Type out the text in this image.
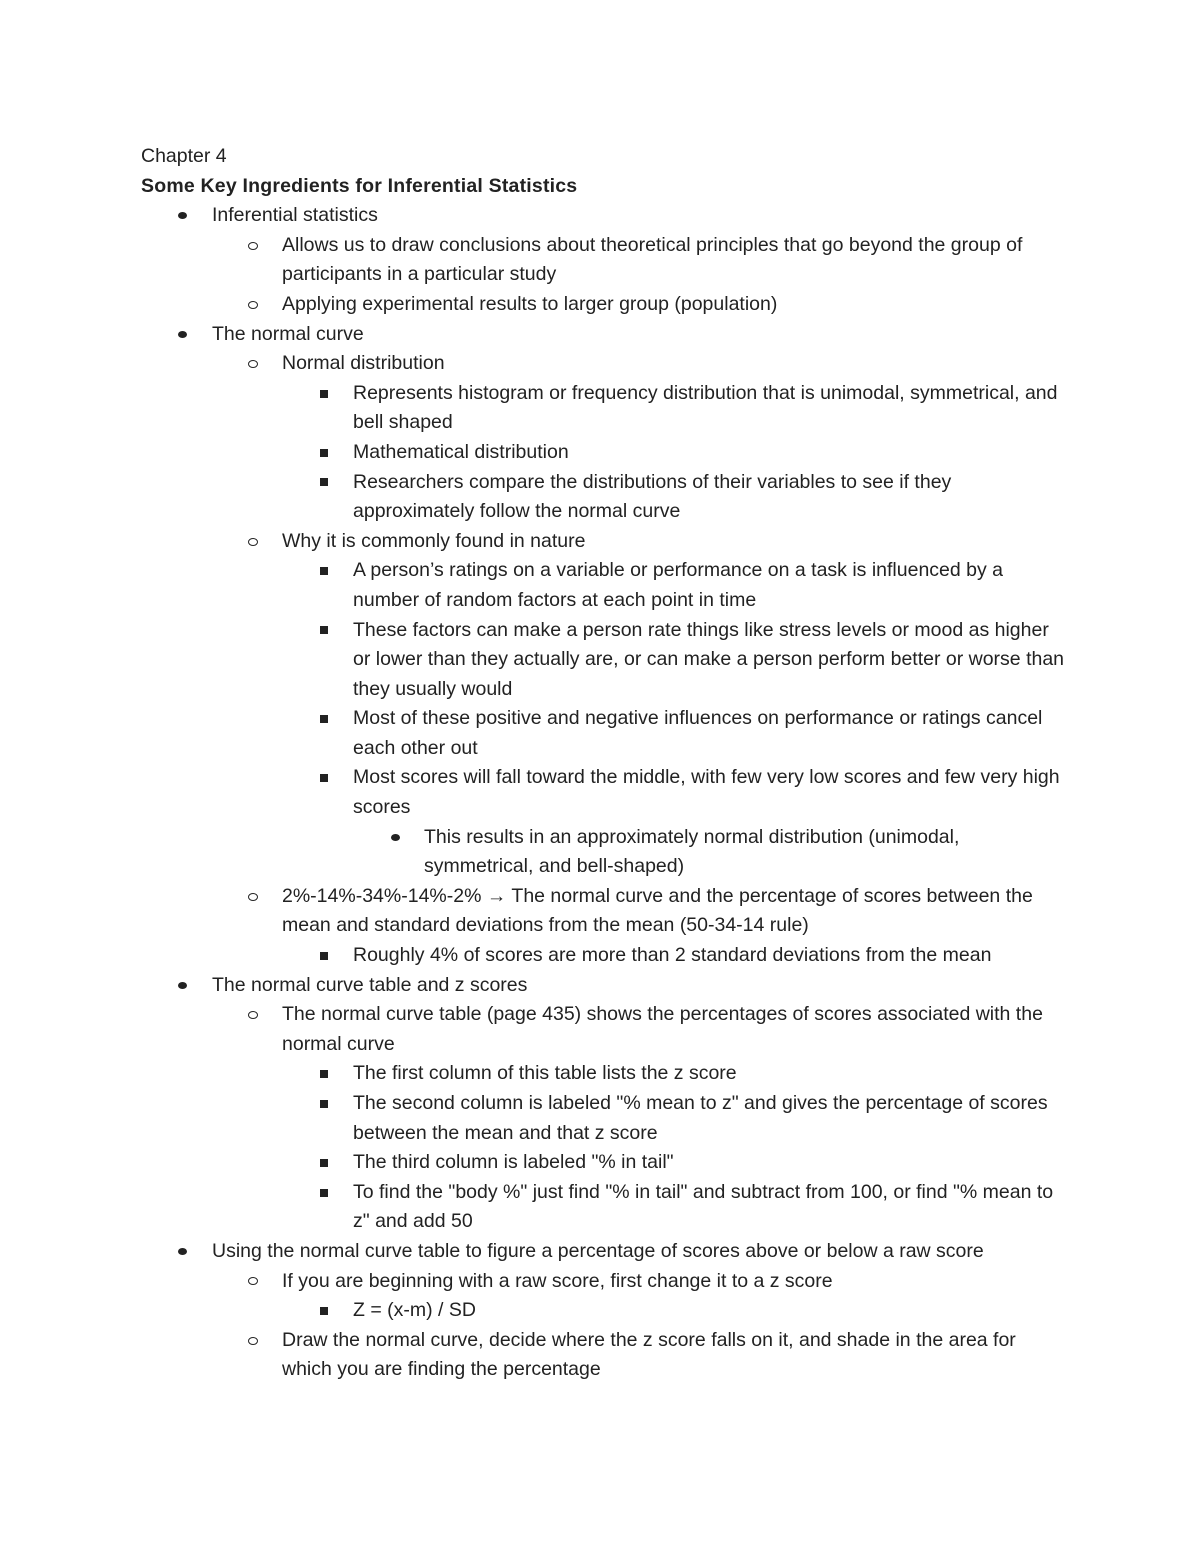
Chapter 4
Some Key Ingredients for Inferential Statistics
Inferential statistics
Allows us to draw conclusions about theoretical principles that go beyond the group of participants in a particular study
Applying experimental results to larger group (population)
The normal curve
Normal distribution
Represents histogram or frequency distribution that is unimodal, symmetrical, and bell shaped
Mathematical distribution
Researchers compare the distributions of their variables to see if they approximately follow the normal curve
Why it is commonly found in nature
A person’s ratings on a variable or performance on a task is influenced by a number of random factors at each point in time
These factors can make a person rate things like stress levels or mood as higher or lower than they actually are, or can make a person perform better or worse than they usually would
Most of these positive and negative influences on performance or ratings cancel each other out
Most scores will fall toward the middle, with few very low scores and few very high scores
This results in an approximately normal distribution (unimodal, symmetrical, and bell-shaped)
2%-14%-34%-14%-2% → The normal curve and the percentage of scores between the mean and standard deviations from the mean (50-34-14 rule)
Roughly 4% of scores are more than 2 standard deviations from the mean
The normal curve table and z scores
The normal curve table (page 435) shows the percentages of scores associated with the normal curve
The first column of this table lists the z score
The second column is labeled "% mean to z" and gives the percentage of scores between the mean and that z score
The third column is labeled "% in tail"
To find the "body %" just find "% in tail" and subtract from 100, or find "% mean to z" and add 50
Using the normal curve table to figure a percentage of scores above or below a raw score
If you are beginning with a raw score, first change it to a z score
Z = (x-m) / SD
Draw the normal curve, decide where the z score falls on it, and shade in the area for which you are finding the percentage
